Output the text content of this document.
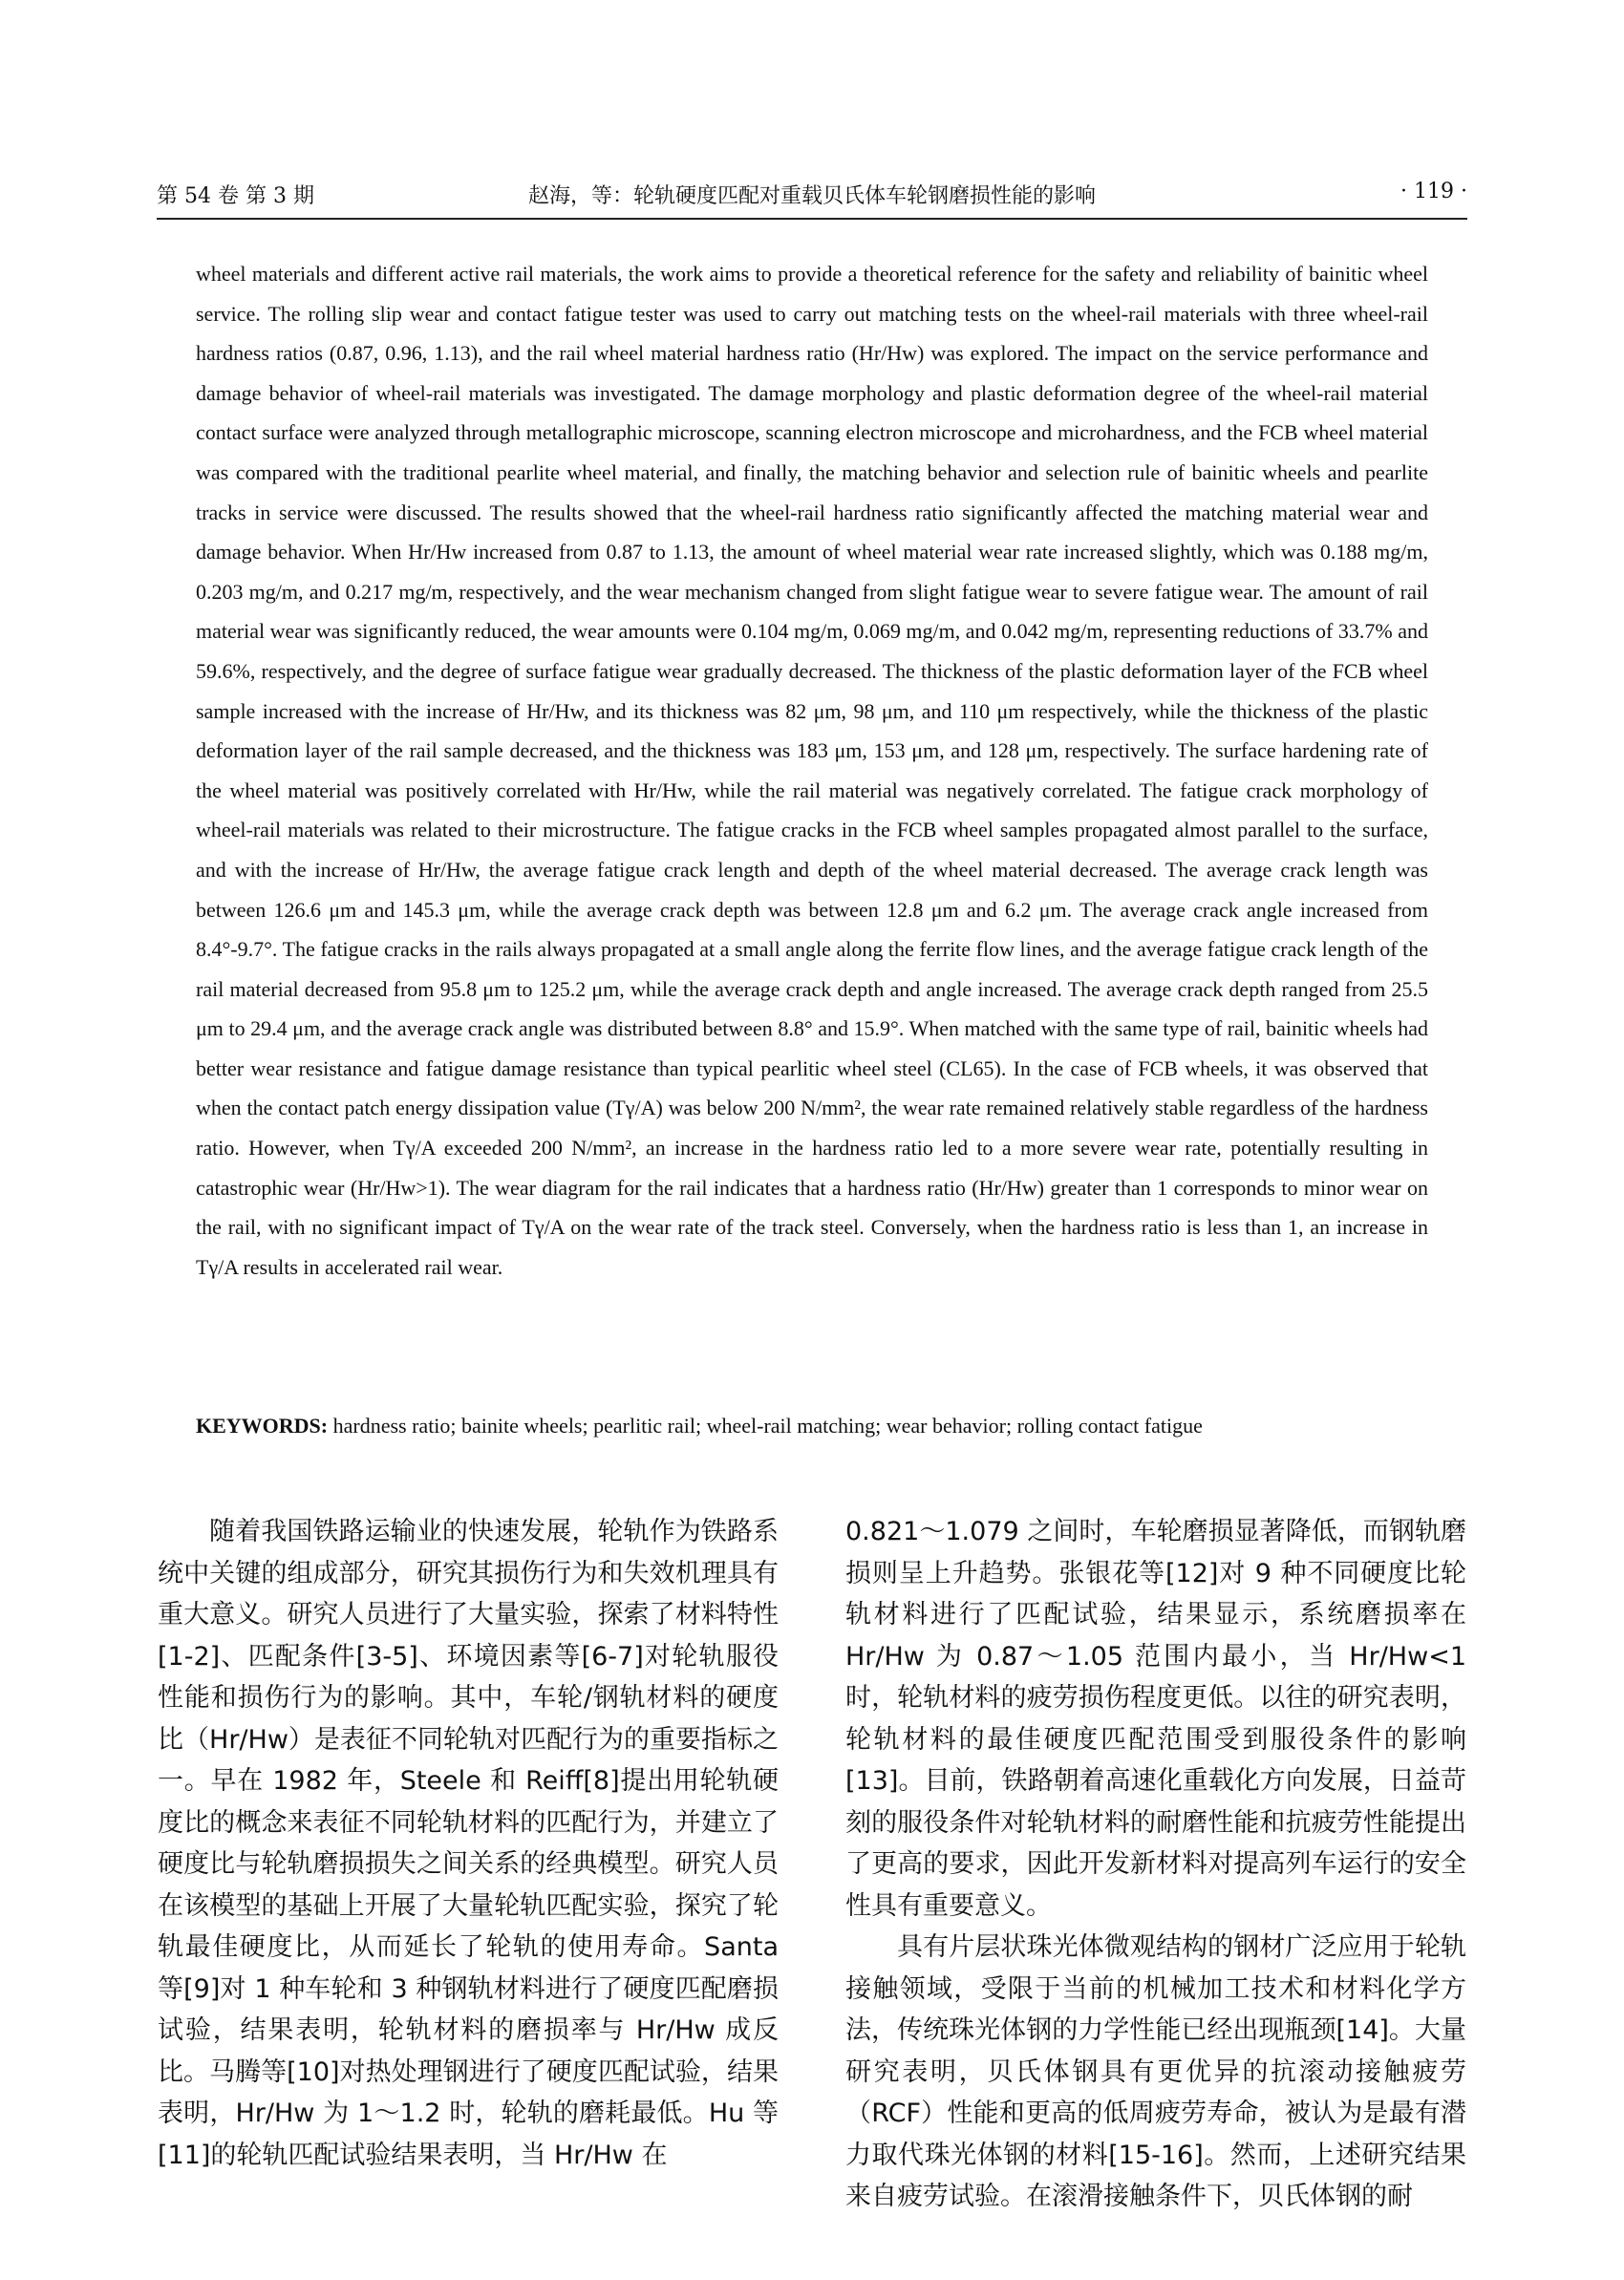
第 54 卷 第 3 期	赵海，等：轮轨硬度匹配对重载贝氏体车轮钢磨损性能的影响	· 119 ·

wheel materials and different active rail materials, the work aims to provide a theoretical reference for the safety and reliability of bainitic wheel service. The rolling slip wear and contact fatigue tester was used to carry out matching tests on the wheel-rail materials with three wheel-rail hardness ratios (0.87, 0.96, 1.13), and the rail wheel material hardness ratio (Hr/Hw) was explored. The impact on the service performance and damage behavior of wheel-rail materials was investigated. The damage morphology and plastic deformation degree of the wheel-rail material contact surface were analyzed through metallographic microscope, scanning electron microscope and microhardness, and the FCB wheel material was compared with the traditional pearlite wheel material, and finally, the matching behavior and selection rule of bainitic wheels and pearlite tracks in service were discussed. The results showed that the wheel-rail hardness ratio significantly affected the matching material wear and damage behavior. When Hr/Hw increased from 0.87 to 1.13, the amount of wheel material wear rate increased slightly, which was 0.188 mg/m, 0.203 mg/m, and 0.217 mg/m, respectively, and the wear mechanism changed from slight fatigue wear to severe fatigue wear. The amount of rail material wear was significantly reduced, the wear amounts were 0.104 mg/m, 0.069 mg/m, and 0.042 mg/m, representing reductions of 33.7% and 59.6%, respectively, and the degree of surface fatigue wear gradually decreased. The thickness of the plastic deformation layer of the FCB wheel sample increased with the increase of Hr/Hw, and its thickness was 82 μm, 98 μm, and 110 μm respectively, while the thickness of the plastic deformation layer of the rail sample decreased, and the thickness was 183 μm, 153 μm, and 128 μm, respectively. The surface hardening rate of the wheel material was positively correlated with Hr/Hw, while the rail material was negatively correlated. The fatigue crack morphology of wheel-rail materials was related to their microstructure. The fatigue cracks in the FCB wheel samples propagated almost parallel to the surface, and with the increase of Hr/Hw, the average fatigue crack length and depth of the wheel material decreased. The average crack length was between 126.6 μm and 145.3 μm, while the average crack depth was between 12.8 μm and 6.2 μm. The average crack angle increased from 8.4°-9.7°. The fatigue cracks in the rails always propagated at a small angle along the ferrite flow lines, and the average fatigue crack length of the rail material decreased from 95.8 μm to 125.2 μm, while the average crack depth and angle increased. The average crack depth ranged from 25.5 μm to 29.4 μm, and the average crack angle was distributed between 8.8° and 15.9°. When matched with the same type of rail, bainitic wheels had better wear resistance and fatigue damage resistance than typical pearlitic wheel steel (CL65). In the case of FCB wheels, it was observed that when the contact patch energy dissipation value (Tγ/A) was below 200 N/mm², the wear rate remained relatively stable regardless of the hardness ratio. However, when Tγ/A exceeded 200 N/mm², an increase in the hardness ratio led to a more severe wear rate, potentially resulting in catastrophic wear (Hr/Hw>1). The wear diagram for the rail indicates that a hardness ratio (Hr/Hw) greater than 1 corresponds to minor wear on the rail, with no significant impact of Tγ/A on the wear rate of the track steel. Conversely, when the hardness ratio is less than 1, an increase in Tγ/A results in accelerated rail wear.

KEYWORDS: hardness ratio; bainite wheels; pearlitic rail; wheel-rail matching; wear behavior; rolling contact fatigue

随着我国铁路运输业的快速发展，轮轨作为铁路系统中关键的组成部分，研究其损伤行为和失效机理具有重大意义。研究人员进行了大量实验，探索了材料特性[1-2]、匹配条件[3-5]、环境因素等[6-7]对轮轨服役性能和损伤行为的影响。其中，车轮/钢轨材料的硬度比（Hr/Hw）是表征不同轮轨对匹配行为的重要指标之一。早在 1982 年，Steele 和 Reiff[8]提出用轮轨硬度比的概念来表征不同轮轨材料的匹配行为，并建立了硬度比与轮轨磨损损失之间关系的经典模型。研究人员在该模型的基础上开展了大量轮轨匹配实验，探究了轮轨最佳硬度比，从而延长了轮轨的使用寿命。Santa 等[9]对 1 种车轮和 3 种钢轨材料进行了硬度匹配磨损试验，结果表明，轮轨材料的磨损率与 Hr/Hw 成反比。马腾等[10]对热处理钢进行了硬度匹配试验，结果表明，Hr/Hw 为 1～1.2 时，轮轨的磨耗最低。Hu 等[11]的轮轨匹配试验结果表明，当 Hr/Hw 在

0.821～1.079 之间时，车轮磨损显著降低，而钢轨磨损则呈上升趋势。张银花等[12]对 9 种不同硬度比轮轨材料进行了匹配试验，结果显示，系统磨损率在 Hr/Hw 为 0.87～1.05 范围内最小，当 Hr/Hw<1 时，轮轨材料的疲劳损伤程度更低。以往的研究表明，轮轨材料的最佳硬度匹配范围受到服役条件的影响[13]。目前，铁路朝着高速化重载化方向发展，日益苛刻的服役条件对轮轨材料的耐磨性能和抗疲劳性能提出了更高的要求，因此开发新材料对提高列车运行的安全性具有重要意义。

具有片层状珠光体微观结构的钢材广泛应用于轮轨接触领域，受限于当前的机械加工技术和材料化学方法，传统珠光体钢的力学性能已经出现瓶颈[14]。大量研究表明，贝氏体钢具有更优异的抗滚动接触疲劳（RCF）性能和更高的低周疲劳寿命，被认为是最有潜力取代珠光体钢的材料[15-16]。然而，上述研究结果来自疲劳试验。在滚滑接触条件下，贝氏体钢的耐
